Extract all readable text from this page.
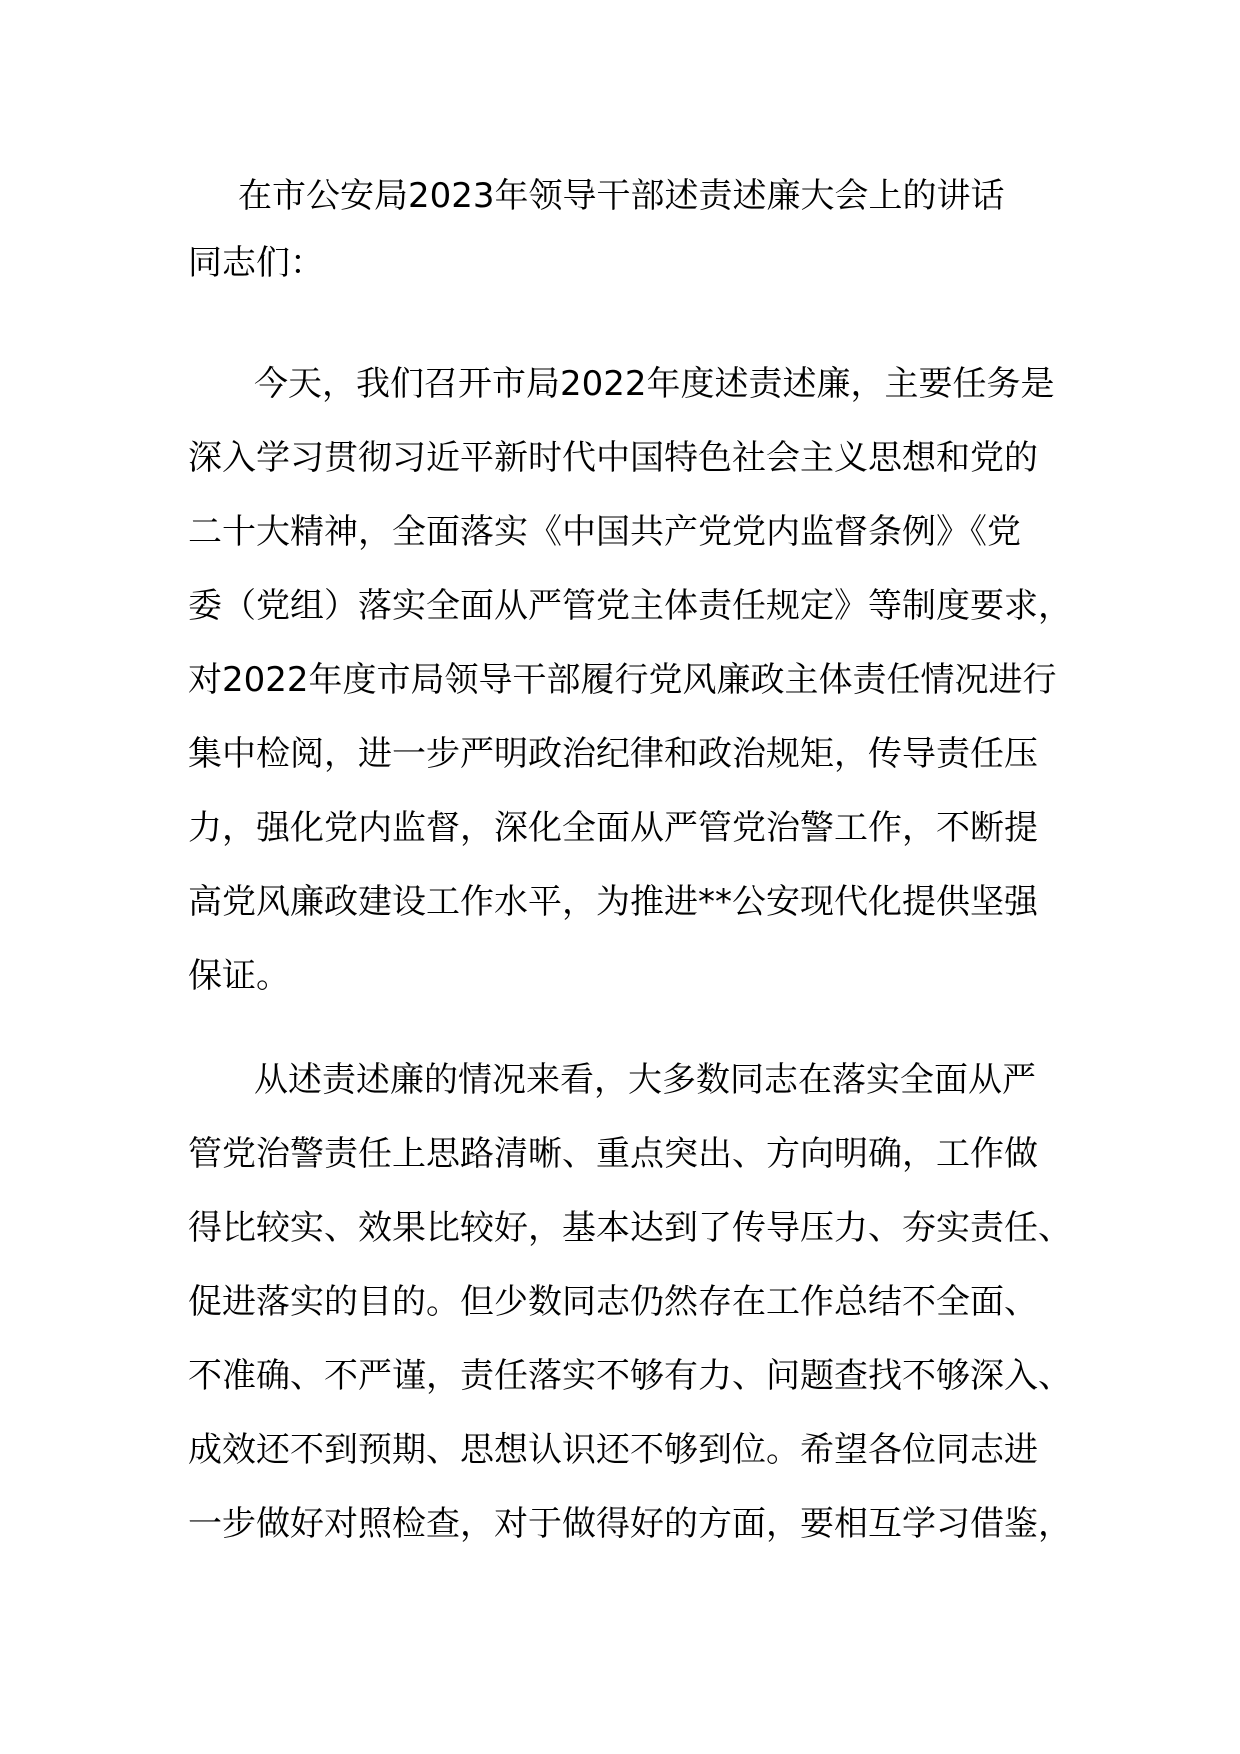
在市公安局2023年领导干部述责述廉大会上的讲话
同志们：
今天，我们召开市局2022年度述责述廉，主要任务是
深入学习贯彻习近平新时代中国特色社会主义思想和党的
二十大精神，全面落实《中国共产党党内监督条例》《党
委（党组）落实全面从严管党主体责任规定》等制度要求，
对2022年度市局领导干部履行党风廉政主体责任情况进行
集中检阅，进一步严明政治纪律和政治规矩，传导责任压
力，强化党内监督，深化全面从严管党治警工作，不断提
高党风廉政建设工作水平，为推进**公安现代化提供坚强
保证。
从述责述廉的情况来看，大多数同志在落实全面从严
管党治警责任上思路清晰、重点突出、方向明确，工作做
得比较实、效果比较好，基本达到了传导压力、夯实责任、
促进落实的目的。但少数同志仍然存在工作总结不全面、
不准确、不严谨，责任落实不够有力、问题查找不够深入、
成效还不到预期、思想认识还不够到位。希望各位同志进
一步做好对照检查，对于做得好的方面，要相互学习借鉴，
